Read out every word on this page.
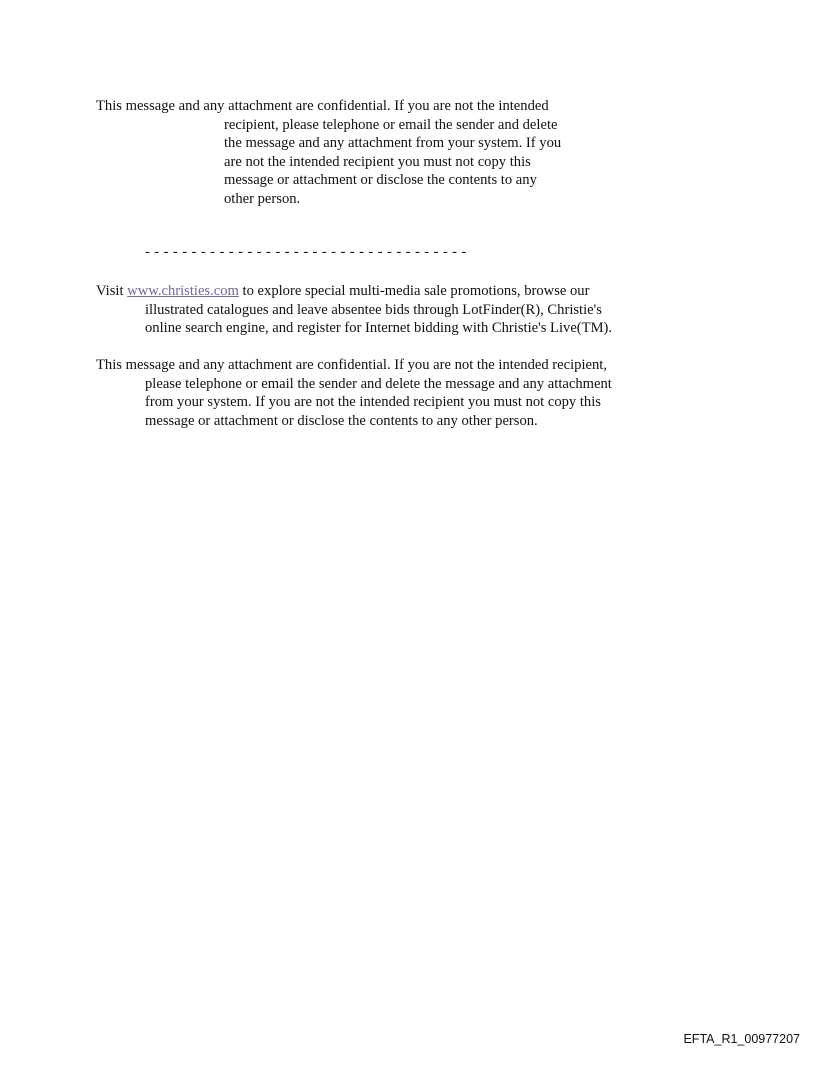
This message and any attachment are confidential. If you are not the intended
recipient, please telephone or email the sender and delete
the message and any attachment from your system. If you
are not the intended recipient you must not copy this
message or attachment or disclose the contents to any
other person.
- - - - - - - - - - - - - - - - - - - - - - - - - - - - - - - - - - -
Visit www.christies.com to explore special multi-media sale promotions, browse our
illustrated catalogues and leave absentee bids through LotFinder(R), Christie's
online search engine, and register for Internet bidding with Christie's Live(TM).
This message and any attachment are confidential. If you are not the intended recipient,
please telephone or email the sender and delete the message and any attachment
from your system. If you are not the intended recipient you must not copy this
message or attachment or disclose the contents to any other person.
EFTA_R1_00977207
